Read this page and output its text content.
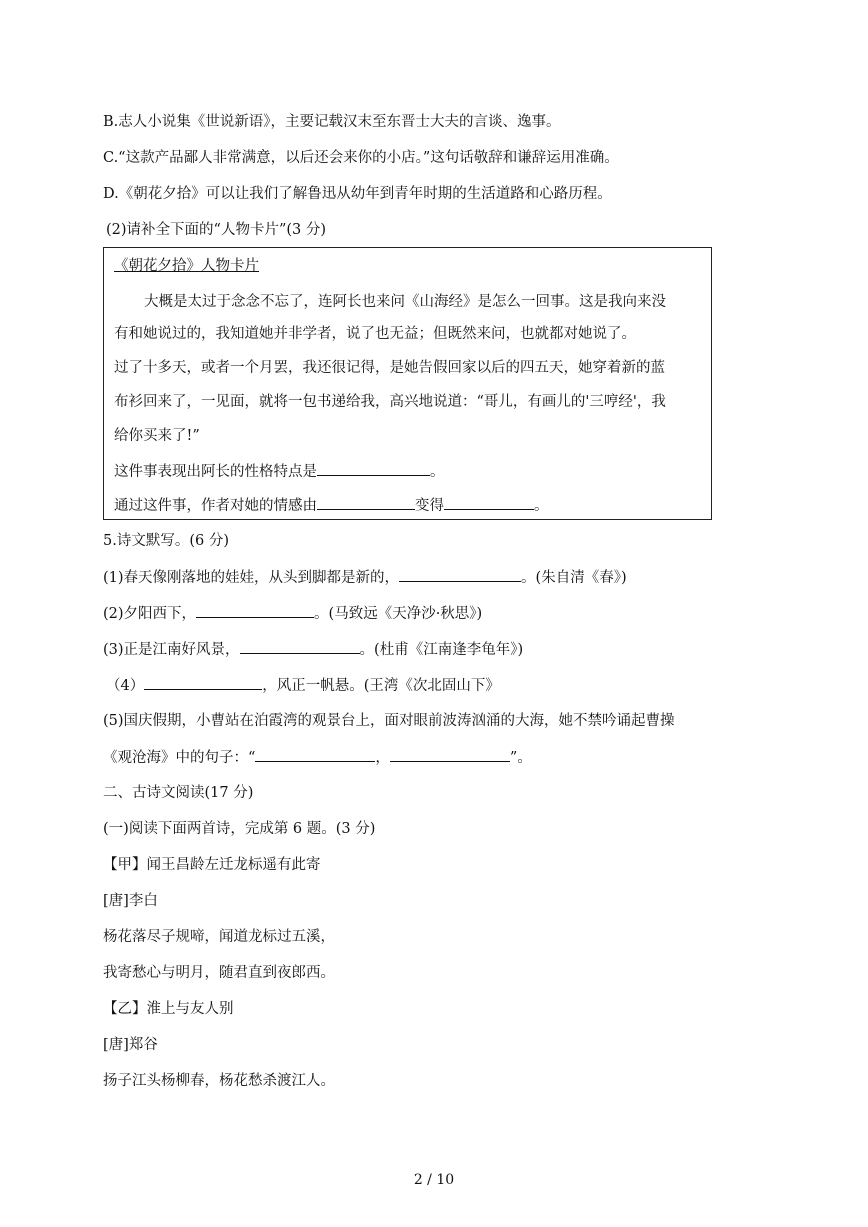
B.志人小说集《世说新语》，主要记载汉末至东晋士大夫的言谈、逸事。
C.“这款产品鄙人非常满意，以后还会来你的小店。”这句话敬辞和谦辞运用准确。
D.《朝花夕拾》可以让我们了解鲁迅从幼年到青年时期的生活道路和心路历程。
(2)请补全下面的“人物卡片”(3 分)
《朝花夕拾》人物卡片
大概是太过于念念不忘了，连阿长也来问《山海经》是怎么一回事。这是我向来没
有和她说过的，我知道她并非学者，说了也无益；但既然来问，也就都对她说了。
过了十多天，或者一个月罢，我还很记得，是她告假回家以后的四五天，她穿着新的蓝
布衫回来了，一见面，就将一包书递给我，高兴地说道：“哥儿，有画儿的'三哼经'，我
给你买来了!”
这件事表现出阿长的性格特点是	。
通过这件事，作者对她的情感由	变得	。
5.诗文默写。(6 分)
(1)春天像刚落地的娃娃，从头到脚都是新的，	。(朱自清《春》)
(2)夕阳西下，	。(马致远《天净沙·秋思》)
(3)正是江南好风景，	。(杜甫《江南逢李龟年》)
（4）	，风正一帆悬。(王湾《次北固山下》
(5)国庆假期，小曹站在泊霞湾的观景台上，面对眼前波涛汹涌的大海，她不禁吟诵起曹操
《观沧海》中的句子：“	，	”。
二、古诗文阅读(17 分)
(一)阅读下面两首诗，完成第 6 题。(3 分)
【甲】闻王昌龄左迁龙标遥有此寄
[唐]李白
杨花落尽子规啼，闻道龙标过五溪，
我寄愁心与明月，随君直到夜郎西。
【乙】淮上与友人别
[唐]郑谷
扬子江头杨柳春，杨花愁杀渡江人。
2 / 10
